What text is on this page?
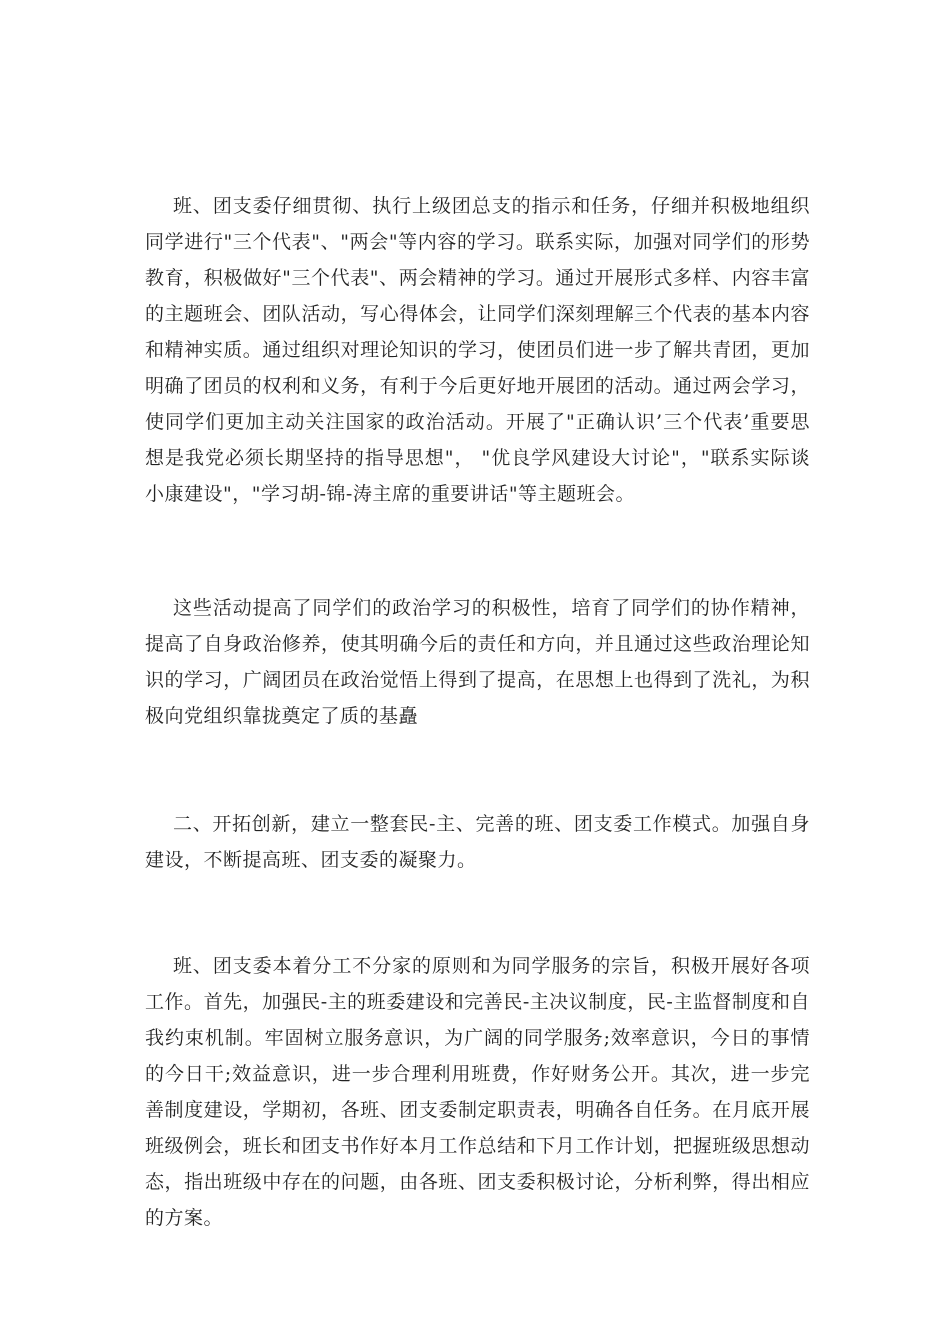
班、团支委仔细贯彻、执行上级团总支的指示和任务，仔细并积极地组织同学进行"三个代表"、"两会"等内容的学习。联系实际，加强对同学们的形势教育，积极做好"三个代表"、两会精神的学习。通过开展形式多样、内容丰富的主题班会、团队活动，写心得体会，让同学们深刻理解三个代表的基本内容和精神实质。通过组织对理论知识的学习，使团员们进一步了解共青团，更加明确了团员的权利和义务，有利于今后更好地开展团的活动。通过两会学习，使同学们更加主动关注国家的政治活动。开展了"正确认识’三个代表’重要思想是我党必须长期坚持的指导思想"， "优良学风建设大讨论"，"联系实际谈小康建设"，"学习胡-锦-涛主席的重要讲话"等主题班会。

这些活动提高了同学们的政治学习的积极性，培育了同学们的协作精神，提高了自身政治修养，使其明确今后的责任和方向，并且通过这些政治理论知识的学习，广阔团员在政治觉悟上得到了提高，在思想上也得到了洗礼，为积极向党组织靠拢奠定了质的基矗

二、开拓创新，建立一整套民-主、完善的班、团支委工作模式。加强自身建设，不断提高班、团支委的凝聚力。

班、团支委本着分工不分家的原则和为同学服务的宗旨，积极开展好各项工作。首先，加强民-主的班委建设和完善民-主决议制度，民-主监督制度和自我约束机制。牢固树立服务意识，为广阔的同学服务;效率意识，今日的事情的今日干;效益意识，进一步合理利用班费，作好财务公开。其次，进一步完善制度建设，学期初，各班、团支委制定职责表，明确各自任务。在月底开展班级例会，班长和团支书作好本月工作总结和下月工作计划，把握班级思想动态，指出班级中存在的问题，由各班、团支委积极讨论，分析利弊，得出相应的方案。
